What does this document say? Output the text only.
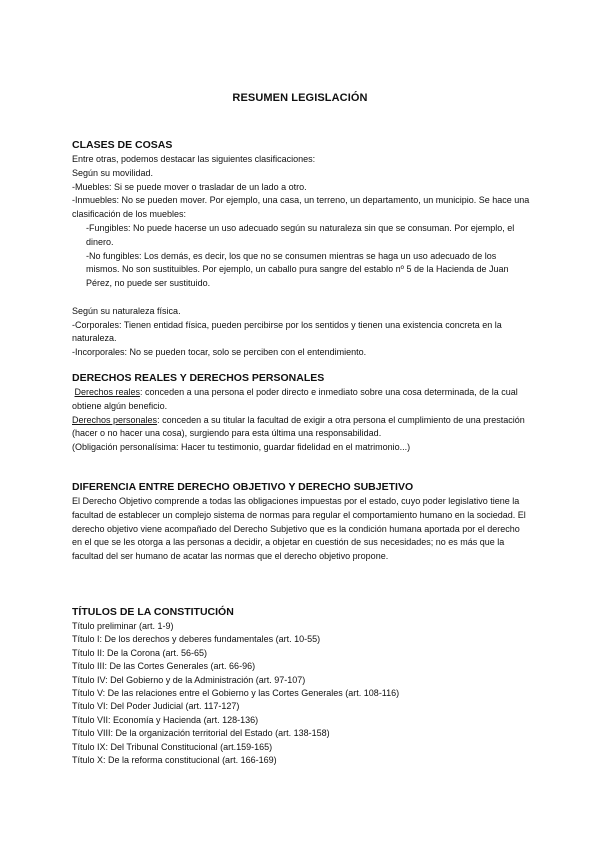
RESUMEN LEGISLACIÓN
CLASES DE COSAS

Entre otras, podemos destacar las siguientes clasificaciones:

Según su movilidad.

-Muebles: Si se puede mover o trasladar de un lado a otro.

-Inmuebles: No se pueden mover. Por ejemplo, una casa, un terreno, un departamento, un municipio. Se hace una clasificación de los muebles:

-Fungibles: No puede hacerse un uso adecuado según su naturaleza sin que se consuman. Por ejemplo, el dinero.

-No fungibles: Los demás, es decir, los que no se consumen mientras se haga un uso adecuado de los mismos. No son sustituibles. Por ejemplo, un caballo pura sangre del establo nº 5 de la Hacienda de Juan Pérez, no puede ser sustituido.

Según su naturaleza física.

-Corporales: Tienen entidad física, pueden percibirse por los sentidos y tienen una existencia concreta en la naturaleza.

-Incorporales: No se pueden tocar, solo se perciben con el entendimiento.

DERECHOS REALES Y DERECHOS PERSONALES

Derechos reales: conceden a una persona el poder directo e inmediato sobre una cosa determinada, de la cual obtiene algún beneficio.

Derechos personales: conceden a su titular la facultad de exigir a otra persona el cumplimiento de una prestación (hacer o no hacer una cosa), surgiendo para esta última una responsabilidad.

(Obligación personalísima: Hacer tu testimonio, guardar fidelidad en el matrimonio...)

DIFERENCIA ENTRE DERECHO OBJETIVO Y DERECHO SUBJETIVO

El Derecho Objetivo comprende a todas las obligaciones impuestas por el estado, cuyo poder legislativo tiene la facultad de establecer un complejo sistema de normas para regular el comportamiento humano en la sociedad. El derecho objetivo viene acompañado del Derecho Subjetivo que es la condición humana aportada por el derecho en el que se les otorga a las personas a decidir, a objetar en cuestión de sus necesidades; no es más que la facultad del ser humano de acatar las normas que el derecho objetivo propone.

TÍTULOS DE LA CONSTITUCIÓN
Título preliminar (art. 1-9)
Título I: De los derechos y deberes fundamentales (art. 10-55)
Título II: De la Corona (art. 56-65)
Título III: De las Cortes Generales (art. 66-96)
Título IV: Del Gobierno y de la Administración (art. 97-107)
Título V: De las relaciones entre el Gobierno y las Cortes Generales (art. 108-116)
Título VI: Del Poder Judicial (art. 117-127)
Título VII: Economía y Hacienda (art. 128-136)
Título VIII: De la organización territorial del Estado (art. 138-158)
Título IX: Del Tribunal Constitucional (art.159-165)
Título X: De la reforma constitucional (art. 166-169)
